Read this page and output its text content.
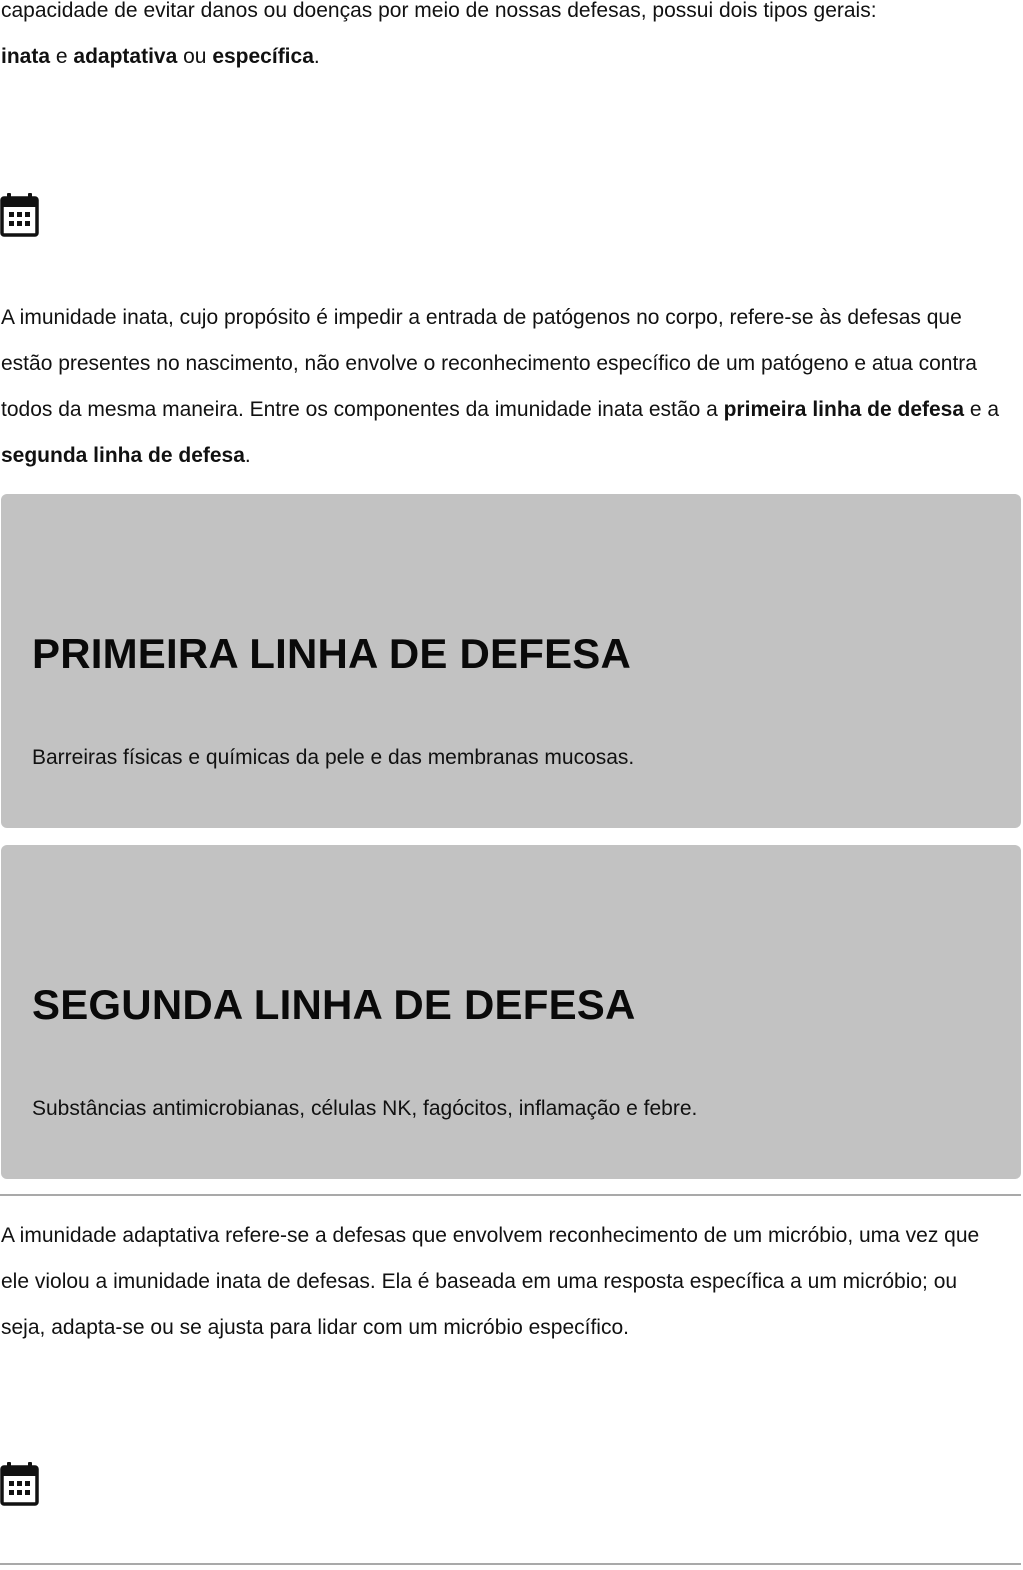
capacidade de evitar danos ou doenças por meio de nossas defesas, possui dois tipos gerais:
inata e adaptativa ou específica.

A imunidade inata, cujo propósito é impedir a entrada de patógenos no corpo, refere-se às defesas que estão presentes no nascimento, não envolve o reconhecimento específico de um patógeno e atua contra todos da mesma maneira. Entre os componentes da imunidade inata estão a primeira linha de defesa e a segunda linha de defesa.

PRIMEIRA LINHA DE DEFESA

Barreiras físicas e químicas da pele e das membranas mucosas.

SEGUNDA LINHA DE DEFESA

Substâncias antimicrobianas, células NK, fagócitos, inflamação e febre.

A imunidade adaptativa refere-se a defesas que envolvem reconhecimento de um micróbio, uma vez que ele violou a imunidade inata de defesas. Ela é baseada em uma resposta específica a um micróbio; ou seja, adapta-se ou se ajusta para lidar com um micróbio específico.
